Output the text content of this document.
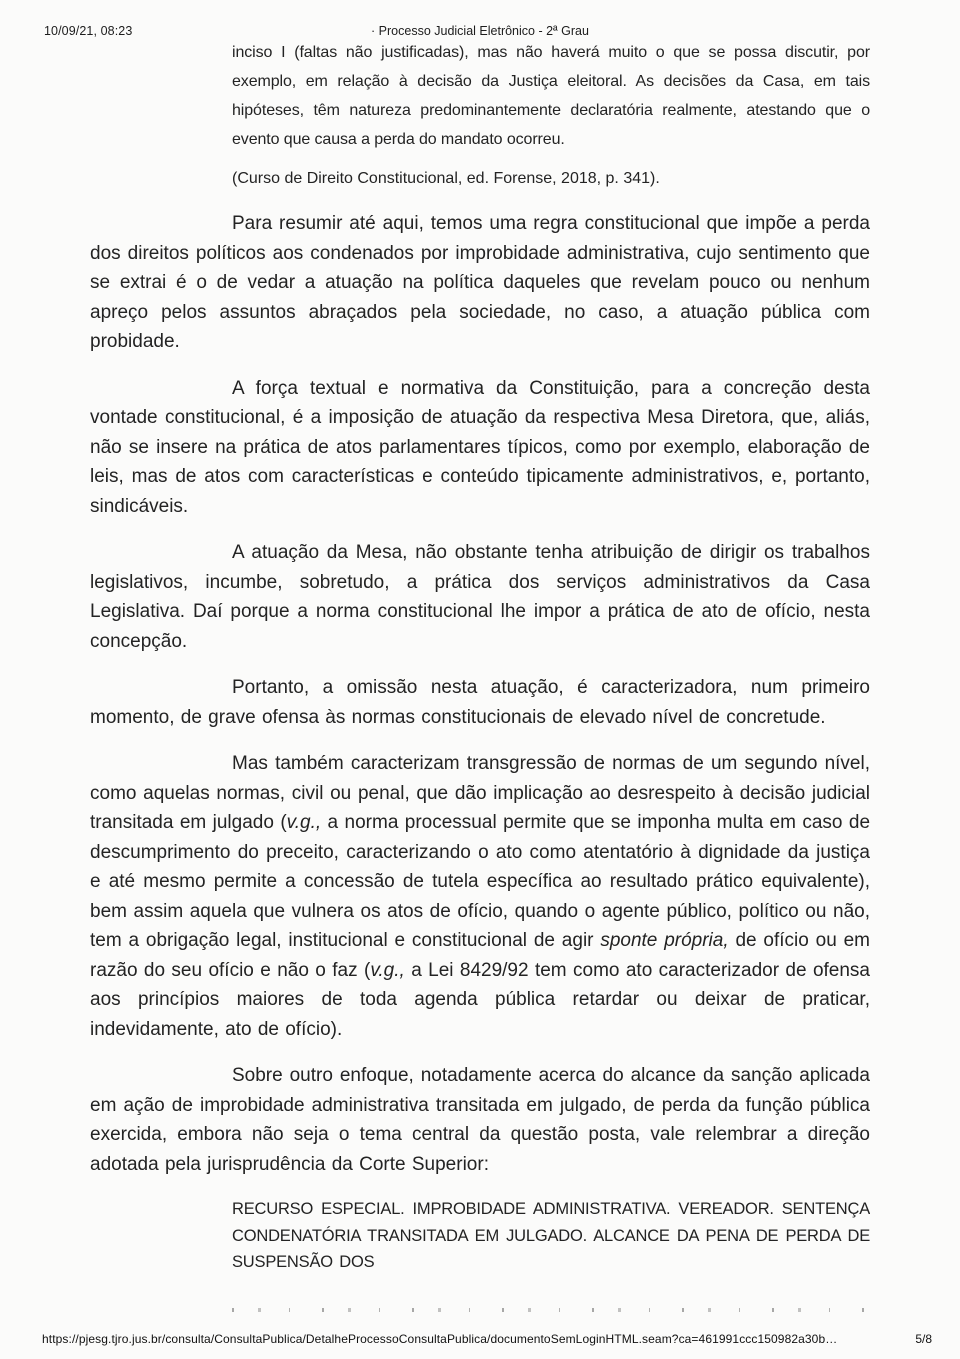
· Processo Judicial Eletrônico - 2ª Grau
10/09/21, 08:23

inciso I (faltas não justificadas), mas não haverá muito o que se possa discutir, por exemplo, em relação à decisão da Justiça eleitoral. As decisões da Casa, em tais hipóteses, têm natureza predominantemente declaratória realmente, atestando que o evento que causa a perda do mandato ocorreu.

(Curso de Direito Constitucional, ed. Forense, 2018, p. 341).

Para resumir até aqui, temos uma regra constitucional que impõe a perda dos direitos políticos aos condenados por improbidade administrativa, cujo sentimento que se extrai é o de vedar a atuação na política daqueles que revelam pouco ou nenhum apreço pelos assuntos abraçados pela sociedade, no caso, a atuação pública com probidade.

A força textual e normativa da Constituição, para a concreção desta vontade constitucional, é a imposição de atuação da respectiva Mesa Diretora, que, aliás, não se insere na prática de atos parlamentares típicos, como por exemplo, elaboração de leis, mas de atos com características e conteúdo tipicamente administrativos, e, portanto, sindicáveis.

A atuação da Mesa, não obstante tenha atribuição de dirigir os trabalhos legislativos, incumbe, sobretudo, a prática dos serviços administrativos da Casa Legislativa. Daí porque a norma constitucional lhe impor a prática de ato de ofício, nesta concepção.

Portanto, a omissão nesta atuação, é caracterizadora, num primeiro momento, de grave ofensa às normas constitucionais de elevado nível de concretude.

Mas também caracterizam transgressão de normas de um segundo nível, como aquelas normas, civil ou penal, que dão implicação ao desrespeito à decisão judicial transitada em julgado (v.g., a norma processual permite que se imponha multa em caso de descumprimento do preceito, caracterizando o ato como atentatório à dignidade da justiça e até mesmo permite a concessão de tutela específica ao resultado prático equivalente), bem assim aquela que vulnera os atos de ofício, quando o agente público, político ou não, tem a obrigação legal, institucional e constitucional de agir sponte própria, de ofício ou em razão do seu ofício e não o faz (v.g., a Lei 8429/92 tem como ato caracterizador de ofensa aos princípios maiores de toda agenda pública retardar ou deixar de praticar, indevidamente, ato de ofício).

Sobre outro enfoque, notadamente acerca do alcance da sanção aplicada em ação de improbidade administrativa transitada em julgado, de perda da função pública exercida, embora não seja o tema central da questão posta, vale relembrar a direção adotada pela jurisprudência da Corte Superior:

RECURSO ESPECIAL. IMPROBIDADE ADMINISTRATIVA. VEREADOR. SENTENÇA CONDENATÓRIA TRANSITADA EM JULGADO. ALCANCE DA PENA DE PERDA DE SUSPENSÃO DOS

https://pjesg.tjro.jus.br/consulta/ConsultaPublica/DetalheProcessoConsultaPublica/documentoSemLoginHTML.seam?ca=461991ccc150982a30b…	5/8
